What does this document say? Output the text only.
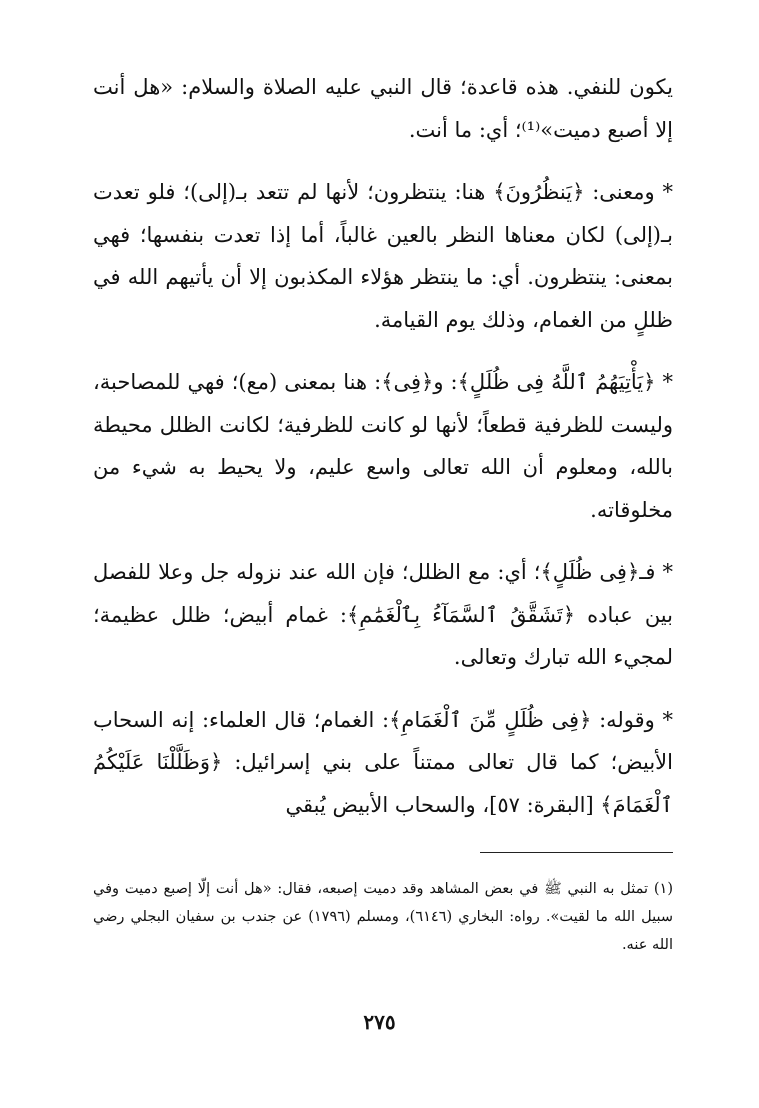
يكون للنفي. هذه قاعدة؛ قال النبي عليه الصلاة والسلام: «هل أنت إلا أصبع دميت»⁽¹⁾؛ أي: ما أنت.

* ومعنى: ﴿يَنظُرُونَ﴾ هنا: ينتظرون؛ لأنها لم تتعد بـ(إلى)؛ فلو تعدت بـ(إلى) لكان معناها النظر بالعين غالباً، أما إذا تعدت بنفسها؛ فهي بمعنى: ينتظرون. أي: ما ينتظر هؤلاء المكذبون إلا أن يأتيهم الله في ظللٍ من الغمام، وذلك يوم القيامة.

* ﴿يَأْتِيَهُمُ ٱللَّهُ فِى ظُلَلٍ﴾: و﴿فِى﴾: هنا بمعنى (مع)؛ فهي للمصاحبة، وليست للظرفية قطعاً؛ لأنها لو كانت للظرفية؛ لكانت الظلل محيطة بالله، ومعلوم أن الله تعالى واسع عليم، ولا يحيط به شيء من مخلوقاته.

* فـ﴿فِى ظُلَلٍ﴾؛ أي: مع الظلل؛ فإن الله عند نزوله جل وعلا للفصل بين عباده ﴿تَشَقَّقُ ٱلسَّمَآءُ بِٱلْغَمَٰمِ﴾: غمام أبيض؛ ظلل عظيمة؛ لمجيء الله تبارك وتعالى.

* وقوله: ﴿فِى ظُلَلٍ مِّنَ ٱلْغَمَامِ﴾: الغمام؛ قال العلماء: إنه السحاب الأبيض؛ كما قال تعالى ممتناً على بني إسرائيل: ﴿وَظَلَّلْنَا عَلَيْكُمُ ٱلْغَمَامَ﴾ [البقرة: ٥٧]، والسحاب الأبيض يُبقي

(١) تمثل به النبي ﷺ في بعض المشاهد وقد دميت إصبعه، فقال: «هل أنت إلّا إصبع دميت وفي سبيل الله ما لقيت». رواه: البخاري (٦١٤٦)، ومسلم (١٧٩٦) عن جندب بن سفيان البجلي رضي الله عنه.
٢٧٥
